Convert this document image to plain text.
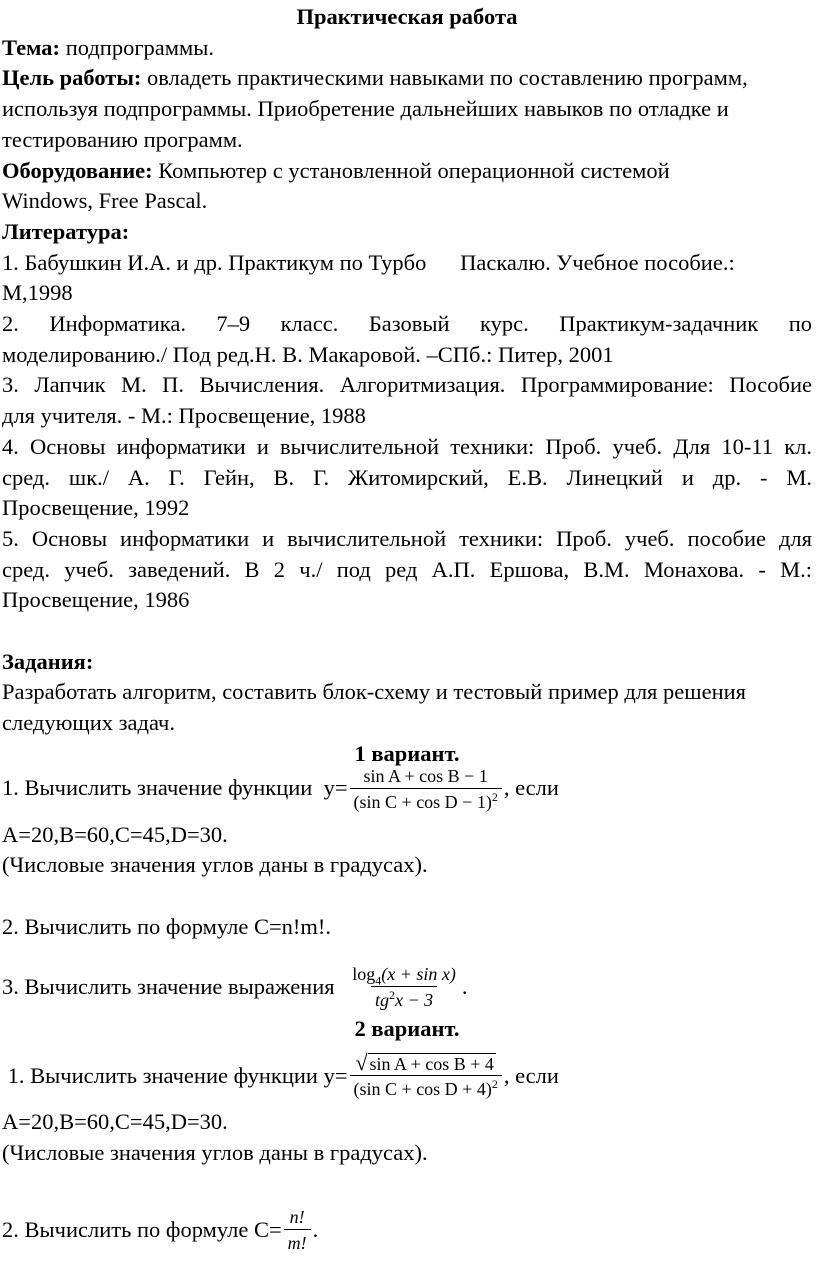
Практическая работа

Тема: подпрограммы.

Цель работы: овладеть практическими навыками по составлению программ,

используя подпрограммы. Приобретение дальнейших навыков по отладке и

тестированию программ.

Оборудование: Компьютер с установленной операционной системой

Windows, Free Pascal.

Литература:

1. Бабушкин И.А. и др. Практикум по Турбо      Паскалю. Учебное пособие.:

М,1998

2. Информатика. 7–9 класс. Базовый курс. Практикум-задачник по

моделированию./ Под ред.Н. В. Макаровой. –СПб.: Питер, 2001

3. Лапчик М. П. Вычисления. Алгоритмизация. Программирование: Пособие

для учителя. - М.: Просвещение, 1988

4. Основы информатики и вычислительной техники: Проб. учеб. Для 10-11 кл.

сред. шк./ А. Г. Гейн, В. Г. Житомирский, Е.В. Линецкий и др. - М.

Просвещение, 1992

5. Основы информатики и вычислительной техники: Проб. учеб. пособие для

сред. учеб. заведений. В 2 ч./ под ред А.П. Ершова, В.М. Монахова. - М.:

Просвещение, 1986

Задания:

Разработать алгоритм, составить блок-схему и тестовый пример для решения

следующих задач.

1 вариант.

1. Вычислить значение функции  $y= \frac{\text{sin A + cos B − 1}}{(\sin C + \cos D - 1)^2}$ , если

A=20,B=60,C=45,D=30.

(Числовые значения углов даны в градусах).

2. Вычислить по формуле C=n!m!.

3. Вычислить значение выражения $\frac{\log_4(x + \sin x)}{tg^2x - 3}$ .

2 вариант.

1. Вычислить значение функции $y= \frac{\text{√ sin A + cos B + 4}}{(\sin C + \cos D + 4)^2}$ , если

A=20,B=60,C=45,D=30.

(Числовые значения углов даны в градусах).

2. Вычислить по формуле $C= \frac{n!}{m!}$ .
